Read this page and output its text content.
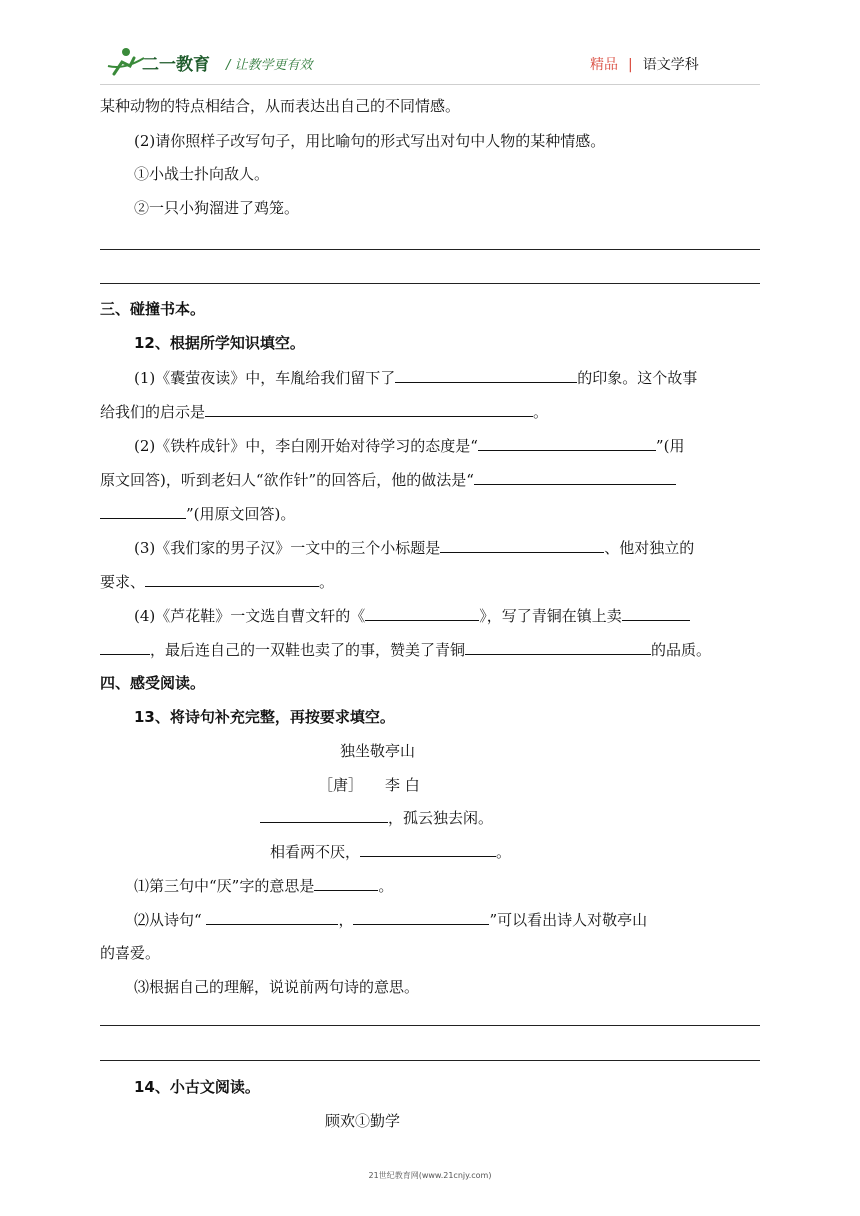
二一教育 / 让教学更有效	精品 | 语文学科
某种动物的特点相结合，从而表达出自己的不同情感。
(2)请你照样子改写句子，用比喻句的形式写出对句中人物的某种情感。
①小战士扑向敌人。
②一只小狗溜进了鸡笼。
三、碰撞书本。
12、根据所学知识填空。
(1)《囊萤夜读》中，车胤给我们留下了	的印象。这个故事
给我们的启示是	。
(2)《铁杵成针》中，李白刚开始对待学习的态度是“	”(用
原文回答)，听到老妇人“欲作针”的回答后，他的做法是“
”(用原文回答)。
(3)《我们家的男子汉》一文中的三个小标题是	、他对独立的
要求、	。
(4)《芦花鞋》一文选自曹文轩的《	》，写了青铜在镇上卖
，最后连自己的一双鞋也卖了的事，赞美了青铜	的品质。
四、感受阅读。
13、将诗句补充完整，再按要求填空。
独坐敬亭山
［唐］ 李 白
，孤云独去闲。
相看两不厌，	。
⑴第三句中“厌”字的意思是	。
⑵从诗句“	，	”可以看出诗人对敬亭山
的喜爱。
⑶根据自己的理解，说说前两句诗的意思。
14、小古文阅读。
顾欢①勤学
21世纪教育网(www.21cnjy.com)
